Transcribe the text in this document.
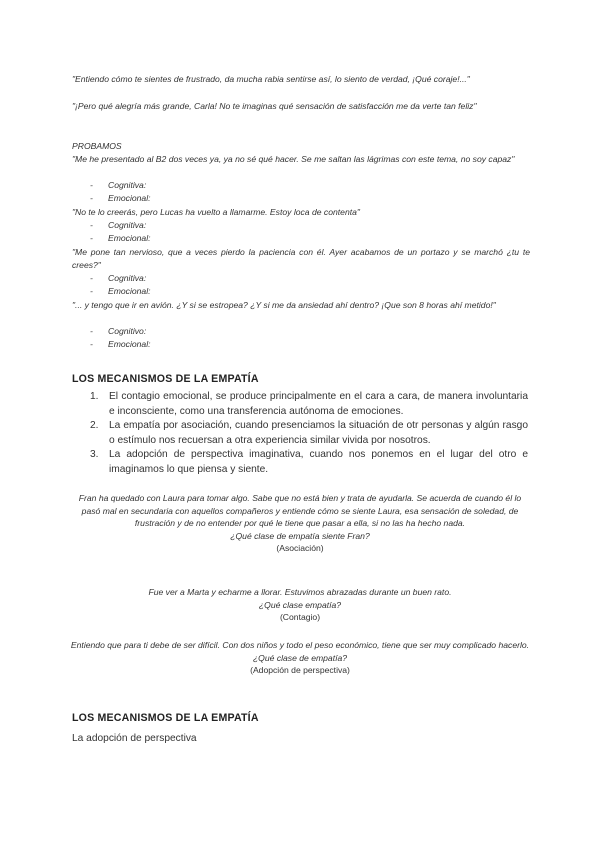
"Entiendo cómo te sientes de frustrado, da mucha rabia sentirse así, lo siento de verdad, ¡Qué coraje!..."
"¡Pero qué alegría más grande, Carla! No te imaginas qué sensación de satisfacción me da verte tan feliz"
PROBAMOS
"Me he presentado al B2 dos veces ya, ya no sé qué hacer. Se me saltan las lágrimas con este tema, no soy capaz"
- Cognitiva:
- Emocional:
"No te lo creerás, pero Lucas ha vuelto a llamarme. Estoy loca de contenta"
- Cognitiva:
- Emocional:
"Me pone tan nervioso, que a veces pierdo la paciencia con él. Ayer acabamos de un portazo y se marchó ¿tu te crees?"
- Cognitiva:
- Emocional:
"... y tengo que ir en avión. ¿Y si se estropea? ¿Y si me da ansiedad ahí dentro? ¡Que son 8 horas ahí metido!"
- Cognitivo:
- Emocional:
LOS MECANISMOS DE LA EMPATÍA
1. El contagio emocional, se produce principalmente en el cara a cara, de manera involuntaria e inconsciente, como una transferencia autónoma de emociones.
2. La empatía por asociación, cuando presenciamos la situación de otr personas y algún rasgo o estímulo nos recuersan a otra experiencia similar vivida por nosotros.
3. La adopción de perspectiva imaginativa, cuando nos ponemos en el lugar del otro e imaginamos lo que piensa y siente.
Fran ha quedado con Laura para tomar algo. Sabe que no está bien y trata de ayudarla. Se acuerda de cuando él lo pasó mal en secundaria con aquellos compañeros y entiende cómo se siente Laura, esa sensación de soledad, de frustración y de no entender por qué le tiene que pasar a ella, si no las ha hecho nada.
¿Qué clase de empatía siente Fran?
(Asociación)
Fue ver a Marta y echarme a llorar. Estuvimos abrazadas durante un buen rato.
¿Qué clase empatía?
(Contagio)
Entiendo que para ti debe de ser difícil. Con dos niños y todo el peso económico, tiene que ser muy complicado hacerlo.
¿Qué clase de empatía?
(Adopción de perspectiva)
LOS MECANISMOS DE LA EMPATÍA
La adopción de perspectiva
